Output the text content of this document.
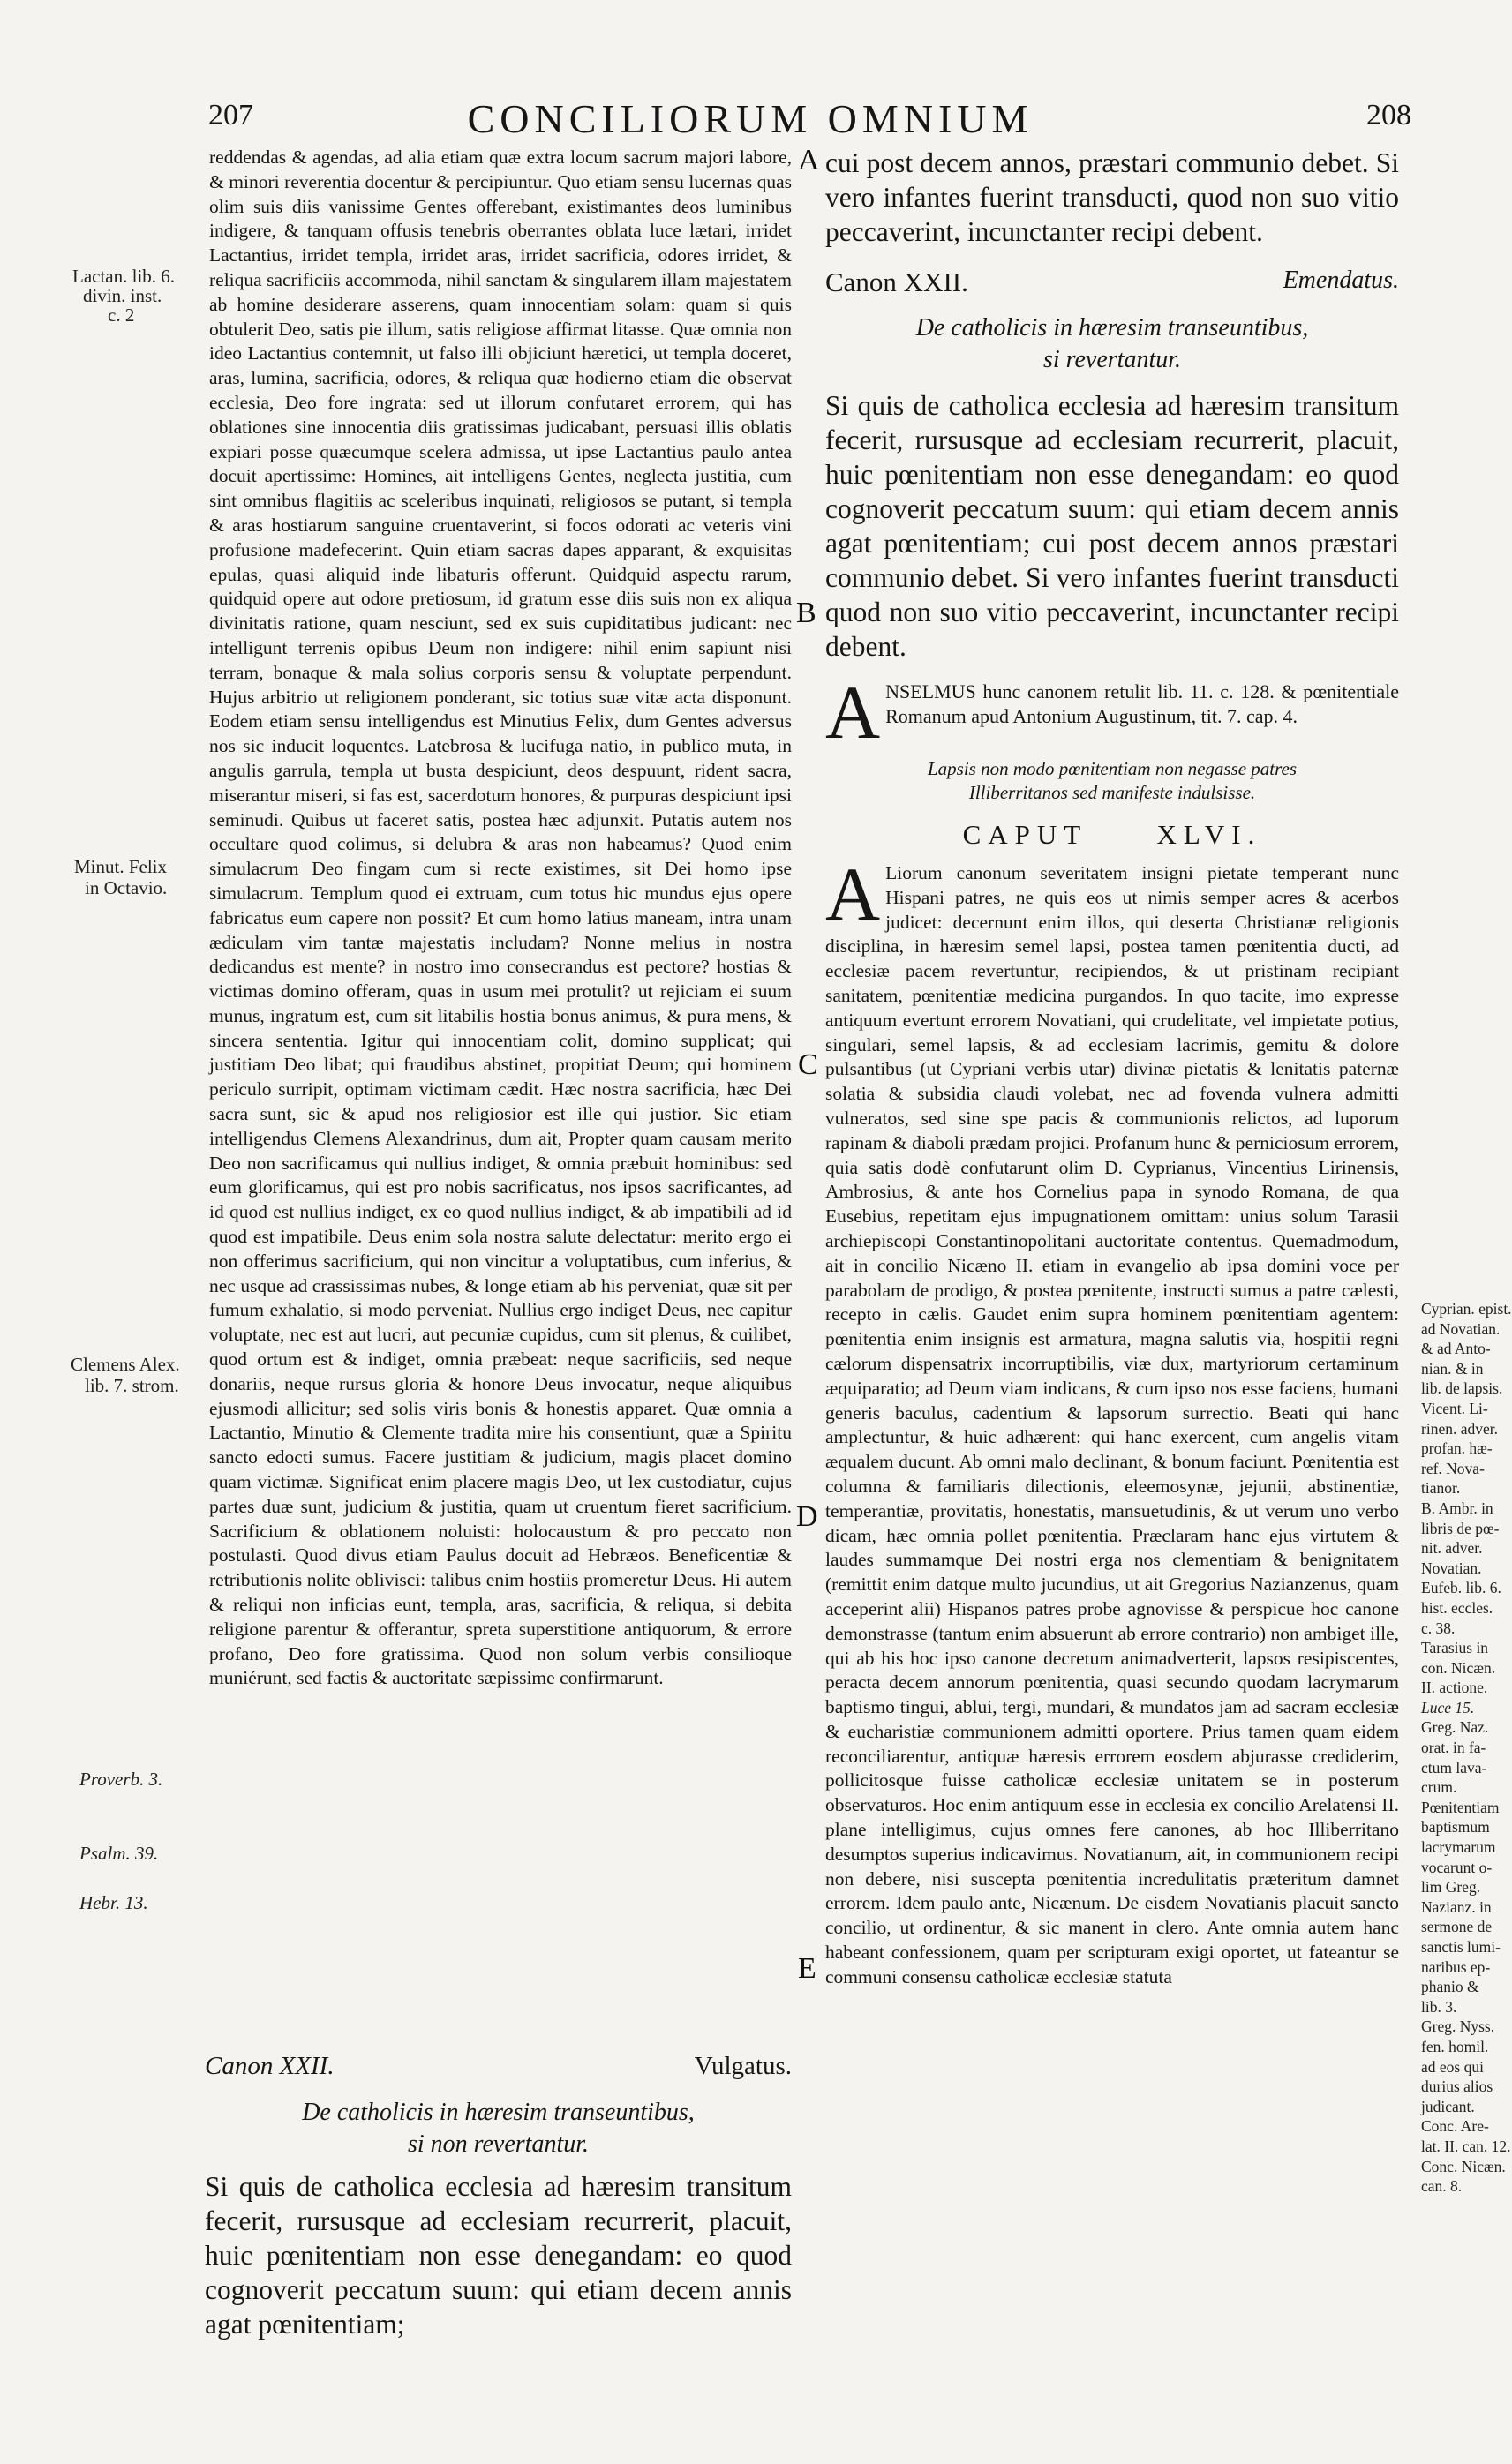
207	CONCILIORUM OMNIUM	208
A
B
C
D
E
Lactan. lib. 6.
divin. inst.
c. 2
Minut. Felix
in Octavio.
Clemens Alex.
lib. 7. strom.
Proverb. 3.
Psalm. 39.
Hebr. 13.

reddendas & agendas, ad alia etiam quæ extra locum sacrum majori labore, & minori reverentia docentur & percipiuntur. Quo etiam sensu lucernas quas olim suis diis vanissime Gentes offerebant, existimantes deos luminibus indigere, & tanquam offusis tenebris oberrantes oblata luce lætari, irridet Lactantius, irridet templa, irridet aras, irridet sacrificia, odores irridet, & reliqua sacrificiis accommoda, nihil sanctam & singularem illam majestatem ab homine desiderare asserens, quam innocentiam solam: quam si quis obtulerit Deo, satis pie illum, satis religiose affirmat litasse. Quæ omnia non ideo Lactantius contemnit, ut falso illi objiciunt hæretici, ut templa doceret, aras, lumina, sacrificia, odores, & reliqua quæ hodierno etiam die observat ecclesia, Deo fore ingrata: sed ut illorum confutaret errorem, qui has oblationes sine innocentia diis gratissimas judicabant, persuasi illis oblatis expiari posse quæcumque scelera admissa, ut ipse Lactantius paulo antea docuit apertissime: Homines, ait intelligens Gentes, neglecta justitia, cum sint omnibus flagitiis ac sceleribus inquinati, religiosos se putant, si templa & aras hostiarum sanguine cruentaverint, si focos odorati ac veteris vini profusione madefecerint. Quin etiam sacras dapes apparant, & exquisitas epulas, quasi aliquid inde libaturis offerunt. Quidquid aspectu rarum, quidquid opere aut odore pretiosum, id gratum esse diis suis non ex aliqua divinitatis ratione, quam nesciunt, sed ex suis cupiditatibus judicant: nec intelligunt terrenis opibus Deum non indigere: nihil enim sapiunt nisi terram, bonaque & mala solius corporis sensu & voluptate perpendunt. Hujus arbitrio ut religionem ponderant, sic totius suæ vitæ acta disponunt. Eodem etiam sensu intelligendus est Minutius Felix, dum Gentes adversus nos sic inducit loquentes. Latebrosa & lucifuga natio, in publico muta, in angulis garrula, templa ut busta despiciunt, deos despuunt, rident sacra, miserantur miseri, si fas est, sacerdotum honores, & purpuras despiciunt ipsi seminudi. Quibus ut faceret satis, postea hæc adjunxit. Putatis autem nos occultare quod colimus, si delubra & aras non habeamus? Quod enim simulacrum Deo fingam cum si recte existimes, sit Dei homo ipse simulacrum. Templum quod ei extruam, cum totus hic mundus ejus opere fabricatus eum capere non possit? Et cum homo latius maneam, intra unam ædiculam vim tantæ majestatis includam? Nonne melius in nostra dedicandus est mente? in nostro imo consecrandus est pectore? hostias & victimas domino offeram, quas in usum mei protulit? ut rejiciam ei suum munus, ingratum est, cum sit litabilis hostia bonus animus, & pura mens, & sincera sententia. Igitur qui innocentiam colit, domino supplicat; qui justitiam Deo libat; qui fraudibus abstinet, propitiat Deum; qui hominem periculo surripit, optimam victimam cædit. Hæc nostra sacrificia, hæc Dei sacra sunt, sic & apud nos religiosior est ille qui justior. Sic etiam intelligendus Clemens Alexandrinus, dum ait, Propter quam causam merito Deo non sacrificamus qui nullius indiget, & omnia præbuit hominibus: sed eum glorificamus, qui est pro nobis sacrificatus, nos ipsos sacrificantes, ad id quod est nullius indiget, ex eo quod nullius indiget, & ab impatibili ad id quod est impatibile. Deus enim sola nostra salute delectatur: merito ergo ei non offerimus sacrificium, qui non vincitur a voluptatibus, cum inferius, & nec usque ad crassissimas nubes, & longe etiam ab his perveniat, quæ sit per fumum exhalatio, si modo perveniat. Nullius ergo indiget Deus, nec capitur voluptate, nec est aut lucri, aut pecuniæ cupidus, cum sit plenus, & cuilibet, quod ortum est & indiget, omnia præbeat: neque sacrificiis, sed neque donariis, neque rursus gloria & honore Deus invocatur, neque aliquibus ejusmodi allicitur; sed solis viris bonis & honestis apparet. Quæ omnia a Lactantio, Minutio & Clemente tradita mire his consentiunt, quæ a Spiritu sancto edocti sumus. Facere justitiam & judicium, magis placet domino quam victimæ. Significat enim placere magis Deo, ut lex custodiatur, cujus partes duæ sunt, judicium & justitia, quam ut cruentum fieret sacrificium. Sacrificium & oblationem noluisti: holocaustum & pro peccato non postulasti. Quod divus etiam Paulus docuit ad Hebræos. Beneficentiæ & retributionis nolite oblivisci: talibus enim hostiis promeretur Deus. Hi autem & reliqui non inficias eunt, templa, aras, sacrificia, & reliqua, si debita religione parentur & offerantur, spreta superstitione antiquorum, & errore profano, Deo fore gratissima. Quod non solum verbis consilioque muniérunt, sed factis & auctoritate sæpissime confirmarunt.

Canon XXII.	Vulgatus.

De catholicis in hæresim transeuntibus,

si non revertantur.

Si quis de catholica ecclesia ad hæresim transitum fecerit, rursusque ad ecclesiam recurrerit, placuit, huic pœnitentiam non esse denegandam: eo quod cognoverit peccatum suum: qui etiam decem annis agat pœnitentiam;

cui post decem annos, præstari communio debet. Si vero infantes fuerint transducti, quod non suo vitio peccaverint, incunctanter recipi debent.

Canon XXII.	Emendatus.

De catholicis in hæresim transeuntibus,

si revertantur.

Si quis de catholica ecclesia ad hæresim transitum fecerit, rursusque ad ecclesiam recurrerit, placuit, huic pœnitentiam non esse denegandam: eo quod cognoverit peccatum suum: qui etiam decem annis agat pœnitentiam; cui post decem annos præstari communio debet. Si vero infantes fuerint transducti quod non suo vitio peccaverint, incunctanter recipi debent.

ANSELMUS hunc canonem retulit lib. 11. c. 128. & pœnitentiale Romanum apud Antonium Augustinum, tit. 7. cap. 4.

Lapsis non modo pœnitentiam non negasse patres

Illiberritanos sed manifeste indulsisse.

CAPUT	XLVI.

A Liorum canonum severitatem insigni pietate temperant nunc Hispani patres, ne quis eos ut nimis semper acres & acerbos judicet: decernunt enim illos, qui deserta Christianæ religionis disciplina, in hæresim semel lapsi, postea tamen pœnitentia ducti, ad ecclesiæ pacem revertuntur, recipiendos, & ut pristinam recipiant sanitatem, pœnitentiæ medicina purgandos. In quo tacite, imo expresse antiquum evertunt errorem Novatiani, qui crudelitate, vel impietate potius, singulari, semel lapsis, & ad ecclesiam lacrimis, gemitu & dolore pulsantibus (ut Cypriani verbis utar) divinæ pietatis & lenitatis paternæ solatia & subsidia claudi volebat, nec ad fovenda vulnera admitti vulneratos, sed sine spe pacis & communionis relictos, ad luporum rapinam & diaboli prædam projici. Profanum hunc & perniciosum errorem, quia satis dodè confutarunt olim D. Cyprianus, Vincentius Lirinensis, Ambrosius, & ante hos Cornelius papa in synodo Romana, de qua Eusebius, repetitam ejus impugnationem omittam: unius solum Tarasii archiepiscopi Constantinopolitani auctoritate contentus. Quemadmodum, ait in concilio Nicæno II. etiam in evangelio ab ipsa domini voce per parabolam de prodigo, & postea pœnitente, instructi sumus a patre cælesti, recepto in cælis. Gaudet enim supra hominem pœnitentiam agentem: pœnitentia enim insignis est armatura, magna salutis via, hospitii regni cælorum dispensatrix incorruptibilis, viæ dux, martyriorum certaminum æquiparatio; ad Deum viam indicans, & cum ipso nos esse faciens, humani generis baculus, cadentium & lapsorum surrectio. Beati qui hanc amplectuntur, & huic adhærent: qui hanc exercent, cum angelis vitam æqualem ducunt. Ab omni malo declinant, & bonum faciunt. Pœnitentia est columna & familiaris dilectionis, eleemosynæ, jejunii, abstinentiæ, temperantiæ, provitatis, honestatis, mansuetudinis, & ut verum uno verbo dicam, hæc omnia pollet pœnitentia. Præclaram hanc ejus virtutem & laudes summamque Dei nostri erga nos clementiam & benignitatem (remittit enim datque multo jucundius, ut ait Gregorius Nazianzenus, quam acceperint alii) Hispanos patres probe agnovisse & perspicue hoc canone demonstrasse (tantum enim absuerunt ab errore contrario) non ambiget ille, qui ab his hoc ipso canone decretum animadverterit, lapsos resipiscentes, peracta decem annorum pœnitentia, quasi secundo quodam lacrymarum baptismo tingui, ablui, tergi, mundari, & mundatos jam ad sacram ecclesiæ & eucharistiæ communionem admitti oportere. Prius tamen quam eidem reconciliarentur, antiquæ hæresis errorem eosdem abjurasse crediderim, pollicitosque fuisse catholicæ ecclesiæ unitatem se in posterum observaturos. Hoc enim antiquum esse in ecclesia ex concilio Arelatensi II. plane intelligimus, cujus omnes fere canones, ab hoc Illiberritano desumptos superius indicavimus. Novatianum, ait, in communionem recipi non debere, nisi suscepta pœnitentia incredulitatis præteritum damnet errorem. Idem paulo ante, Nicænum. De eisdem Novatianis placuit sancto concilio, ut ordinentur, & sic manent in clero. Ante omnia autem hanc habeant confessionem, quam per scripturam exigi oportet, ut fateantur se communi consensu catholicæ ecclesiæ statuta

Cyprian. epist.
ad Novatian.
& ad Anto-
nian. & in
lib. de lapsis.
Vicent. Li-
rinen. adver.
profan. hæ-
ref. Nova-
tianor.
B. Ambr. in
libris de pœ-
nit. adver.
Novatian.
Eufeb. lib. 6.
hist. eccles.
c. 38.
Tarasius in
con. Nicæn.
II. actione.
Luce 15.
Greg. Naz.
orat. in fa-
ctum lava-
crum.
Pœnitentiam
baptismum
lacrymarum
vocarunt o-
lim Greg.
Nazianz. in
sermone de
sanctis lumi-
naribus ep-
phanio &
lib. 3.
Greg. Nyss.
fen. homil.
ad eos qui
durius alios
judicant.
Conc. Are-
lat. II. can. 12.
Conc. Nicæn.
can. 8.
